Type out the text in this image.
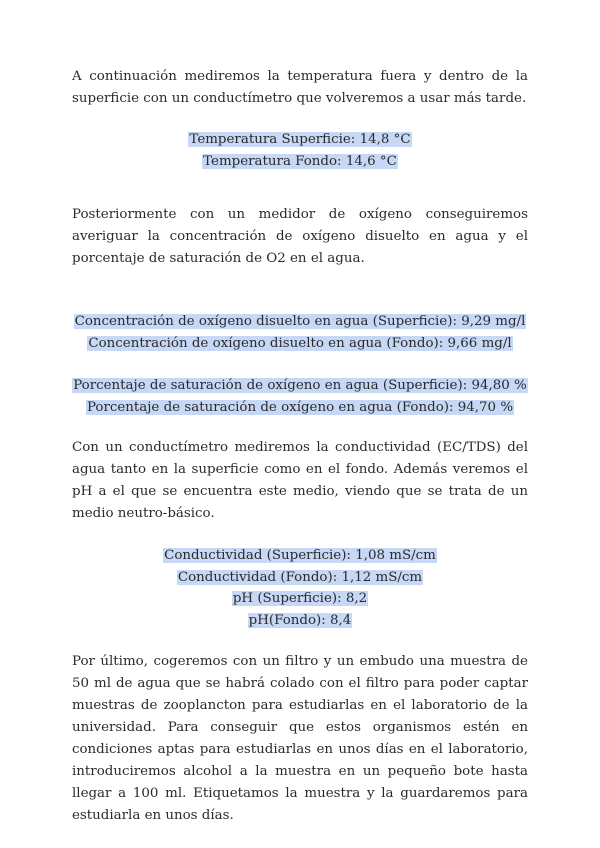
A continuación mediremos la temperatura fuera y dentro de la superficie con un conductímetro que volveremos a usar más tarde.

Temperatura Superficie: 14,8 °C
Temperatura Fondo: 14,6 °C

Posteriormente con un medidor de oxígeno conseguiremos averiguar la concentración de oxígeno disuelto en agua y el porcentaje de saturación de O2 en el agua.

Concentración de oxígeno disuelto en agua (Superficie): 9,29 mg/l
Concentración de oxígeno disuelto en agua (Fondo): 9,66 mg/l
Porcentaje de saturación de oxígeno en agua (Superficie): 94,80 %
Porcentaje de saturación de oxígeno en agua (Fondo): 94,70 %

Con un conductímetro mediremos la conductividad (EC/TDS) del agua tanto en la superficie como en el fondo. Además veremos el pH a el que se encuentra este medio, viendo que se trata de un medio neutro-básico.

Conductividad (Superficie): 1,08 mS/cm
Conductividad (Fondo): 1,12 mS/cm
pH (Superficie): 8,2
pH(Fondo): 8,4

Por último, cogeremos con un filtro y un embudo una muestra de 50 ml de agua que se habrá colado con el filtro para poder captar muestras de zooplancton para estudiarlas en el laboratorio de la universidad. Para conseguir que estos organismos estén en condiciones aptas para estudiarlas en unos días en el laboratorio, introduciremos alcohol a la muestra en un pequeño bote hasta llegar a 100 ml. Etiquetamos la muestra y la guardaremos para estudiarla en unos días.
